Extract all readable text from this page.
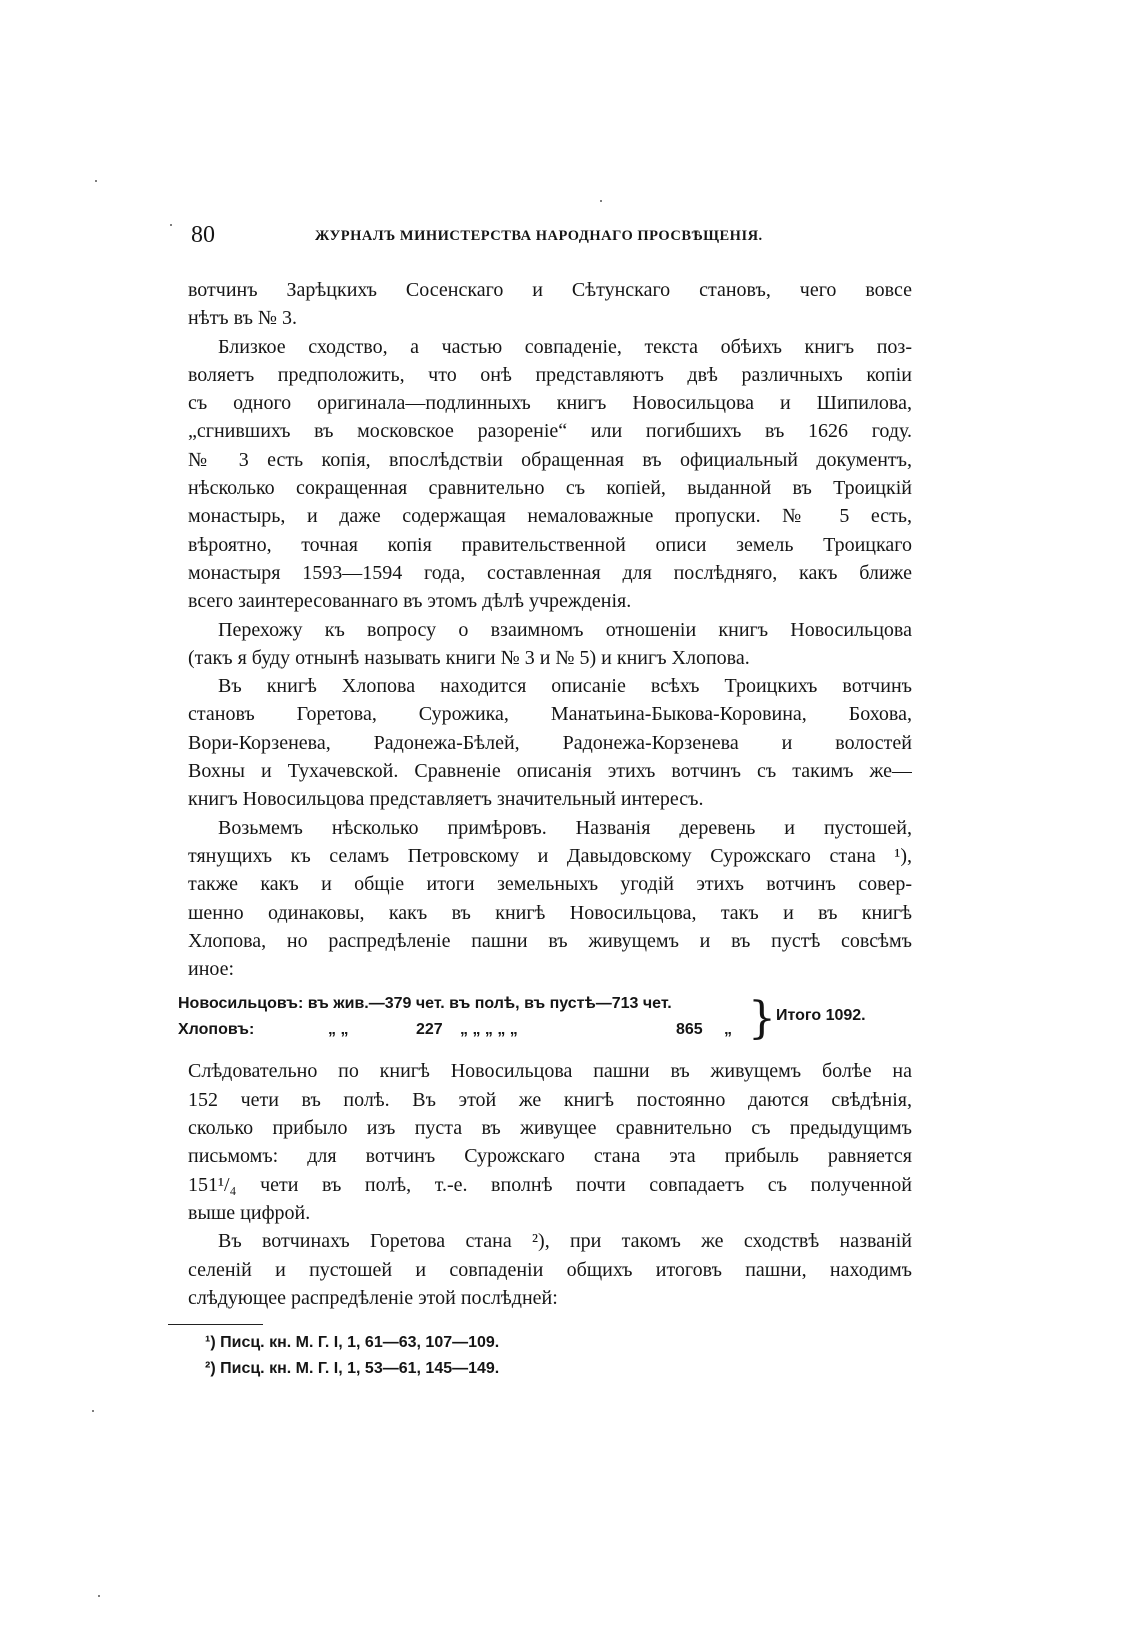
80	ЖУРНАЛЪ МИНИСТЕРСТВА НАРОДНАГО ПРОСВѢЩЕНІЯ.
вотчинъ Зарѣцкихъ Сосенскаго и Сѣтунскаго становъ, чего вовсе
нѣтъ въ № 3.
Близкое сходство, а частью совпаденіе, текста обѣихъ книгъ поз-
воляетъ предположить, что онѣ представляютъ двѣ различныхъ копіи
съ одного оригинала—подлинныхъ книгъ Новосильцова и Шипилова,
„сгнившихъ въ московское разореніе“ или погибшихъ въ 1626 году.
№ 3 есть копія, впослѣдствіи обращенная въ официальный документъ,
нѣсколько сокращенная сравнительно съ копіей, выданной въ Троицкій
монастырь, и даже содержащая немаловажные пропуски. № 5 есть,
вѣроятно, точная копія правительственной описи земель Троицкаго
монастыря 1593—1594 года, составленная для послѣдняго, какъ ближе
всего заинтересованнаго въ этомъ дѣлѣ учрежденія.
Перехожу къ вопросу о взаимномъ отношеніи книгъ Новосильцова
(такъ я буду отнынѣ называть книги № 3 и № 5) и книгъ Хлопова.
Въ книгѣ Хлопова находится описаніе всѣхъ Троицкихъ вотчинъ
становъ Горетова, Сурожика, Манатьина-Быкова-Коровина, Бохова,
Вори-Корзенева, Радонежа-Бѣлей, Радонежа-Корзенева и волостей
Вохны и Тухачевской. Сравненіе описанія этихъ вотчинъ съ такимъ же—
книгъ Новосильцова представляетъ значительный интересъ.
Возьмемъ нѣсколько примѣровъ. Названія деревень и пустошей,
тянущихъ къ селамъ Петровскому и Давыдовскому Сурожскаго стана ¹),
также какъ и общіе итоги земельныхъ угодій этихъ вотчинъ совер-
шенно одинаковы, какъ въ книгѣ Новосильцова, такъ и въ книгѣ
Хлопова, но распредѣленіе пашни въ живущемъ и въ пустѣ совсѣмъ
иное:
Новосильцовъ: въ жив.—379 чет. въ полѣ, въ пустѣ—713 чет.
Хлоповъ:	„ „	227 „ „ „ „ „	865 „ } Итого 1092.
Слѣдовательно по книгѣ Новосильцова пашни въ живущемъ болѣе на
152 чети въ полѣ. Въ этой же книгѣ постоянно даются свѣдѣнія,
сколько прибыло изъ пуста въ живущее сравнительно съ предыдущимъ
письмомъ: для вотчинъ Сурожскаго стана эта прибыль равняется
151¹/₄ чети въ полѣ, т.-е. вполнѣ почти совпадаетъ съ полученной
выше цифрой.
Въ вотчинахъ Горетова стана ²), при такомъ же сходствѣ названій
селеній и пустошей и совпаденіи общихъ итоговъ пашни, находимъ
слѣдующее распредѣленіе этой послѣдней:
¹) Писц. кн. М. Г. I, 1, 61—63, 107—109.
²) Писц. кн. М. Г. I, 1, 53—61, 145—149.
